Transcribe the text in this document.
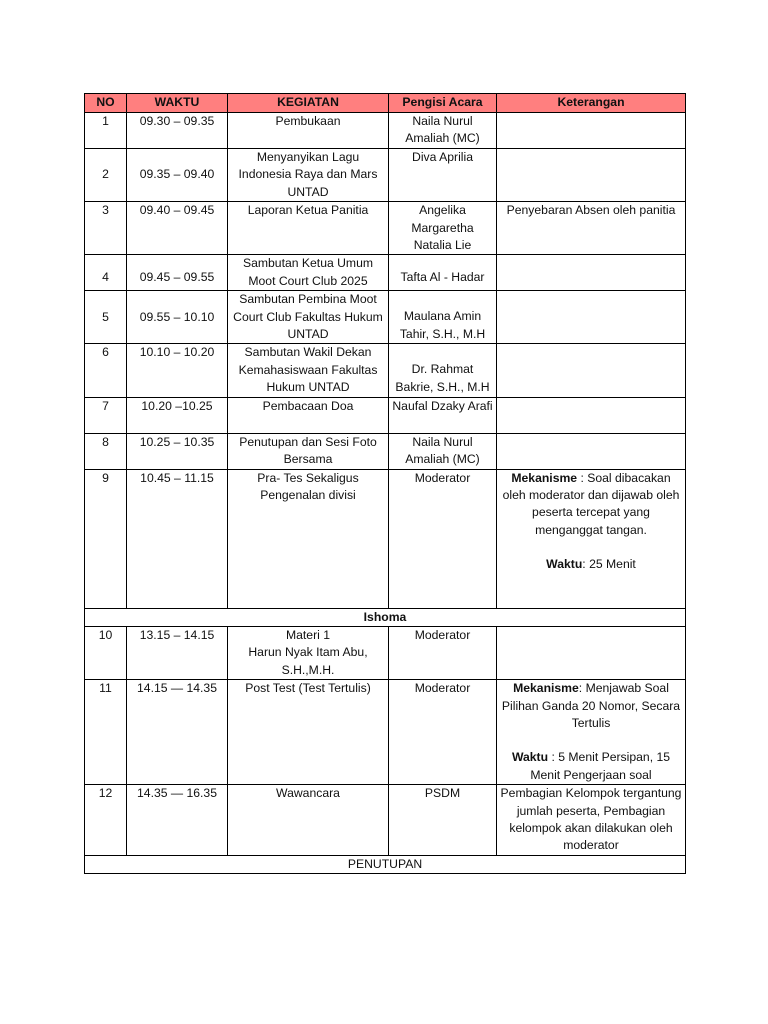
NO	WAKTU	KEGIATAN	Pengisi Acara	Keterangan
1	09.30 – 09.35	Pembukaan	Naila Nurul Amaliah (MC)	
2	09.35 – 09.40	Menyanyikan Lagu Indonesia Raya dan Mars UNTAD	Diva Aprilia	
3	09.40 – 09.45	Laporan Ketua Panitia	Angelika Margaretha Natalia Lie	Penyebaran Absen oleh panitia
4	09.45 – 09.55	Sambutan Ketua Umum Moot Court Club 2025	Tafta Al - Hadar	
5	09.55 – 10.10	Sambutan Pembina Moot Court Club Fakultas Hukum UNTAD	Maulana Amin Tahir, S.H., M.H	
6	10.10 – 10.20	Sambutan Wakil Dekan Kemahasiswaan Fakultas Hukum UNTAD	Dr. Rahmat Bakrie, S.H., M.H	
7	10.20 –10.25	Pembacaan Doa	Naufal Dzaky Arafi	
8	10.25 – 10.35	Penutupan dan Sesi Foto Bersama	Naila Nurul Amaliah (MC)	
9	10.45 – 11.15	Pra- Tes Sekaligus Pengenalan divisi	Moderator	Mekanisme : Soal dibacakan oleh moderator dan dijawab oleh peserta tercepat yang menganggat tangan.
Waktu: 25 Menit
Ishoma				
10	13.15 – 14.15	Materi 1
Harun Nyak Itam Abu, S.H.,M.H.	Moderator	
11	14.15 — 14.35	Post Test (Test Tertulis)	Moderator	Mekanisme: Menjawab Soal Pilihan Ganda 20 Nomor, Secara Tertulis
Waktu : 5 Menit Persipan, 15 Menit Pengerjaan soal
12	14.35 — 16.35	Wawancara	PSDM	Pembagian Kelompok tergantung jumlah peserta, Pembagian kelompok akan dilakukan oleh moderator
PENUTUPAN				
